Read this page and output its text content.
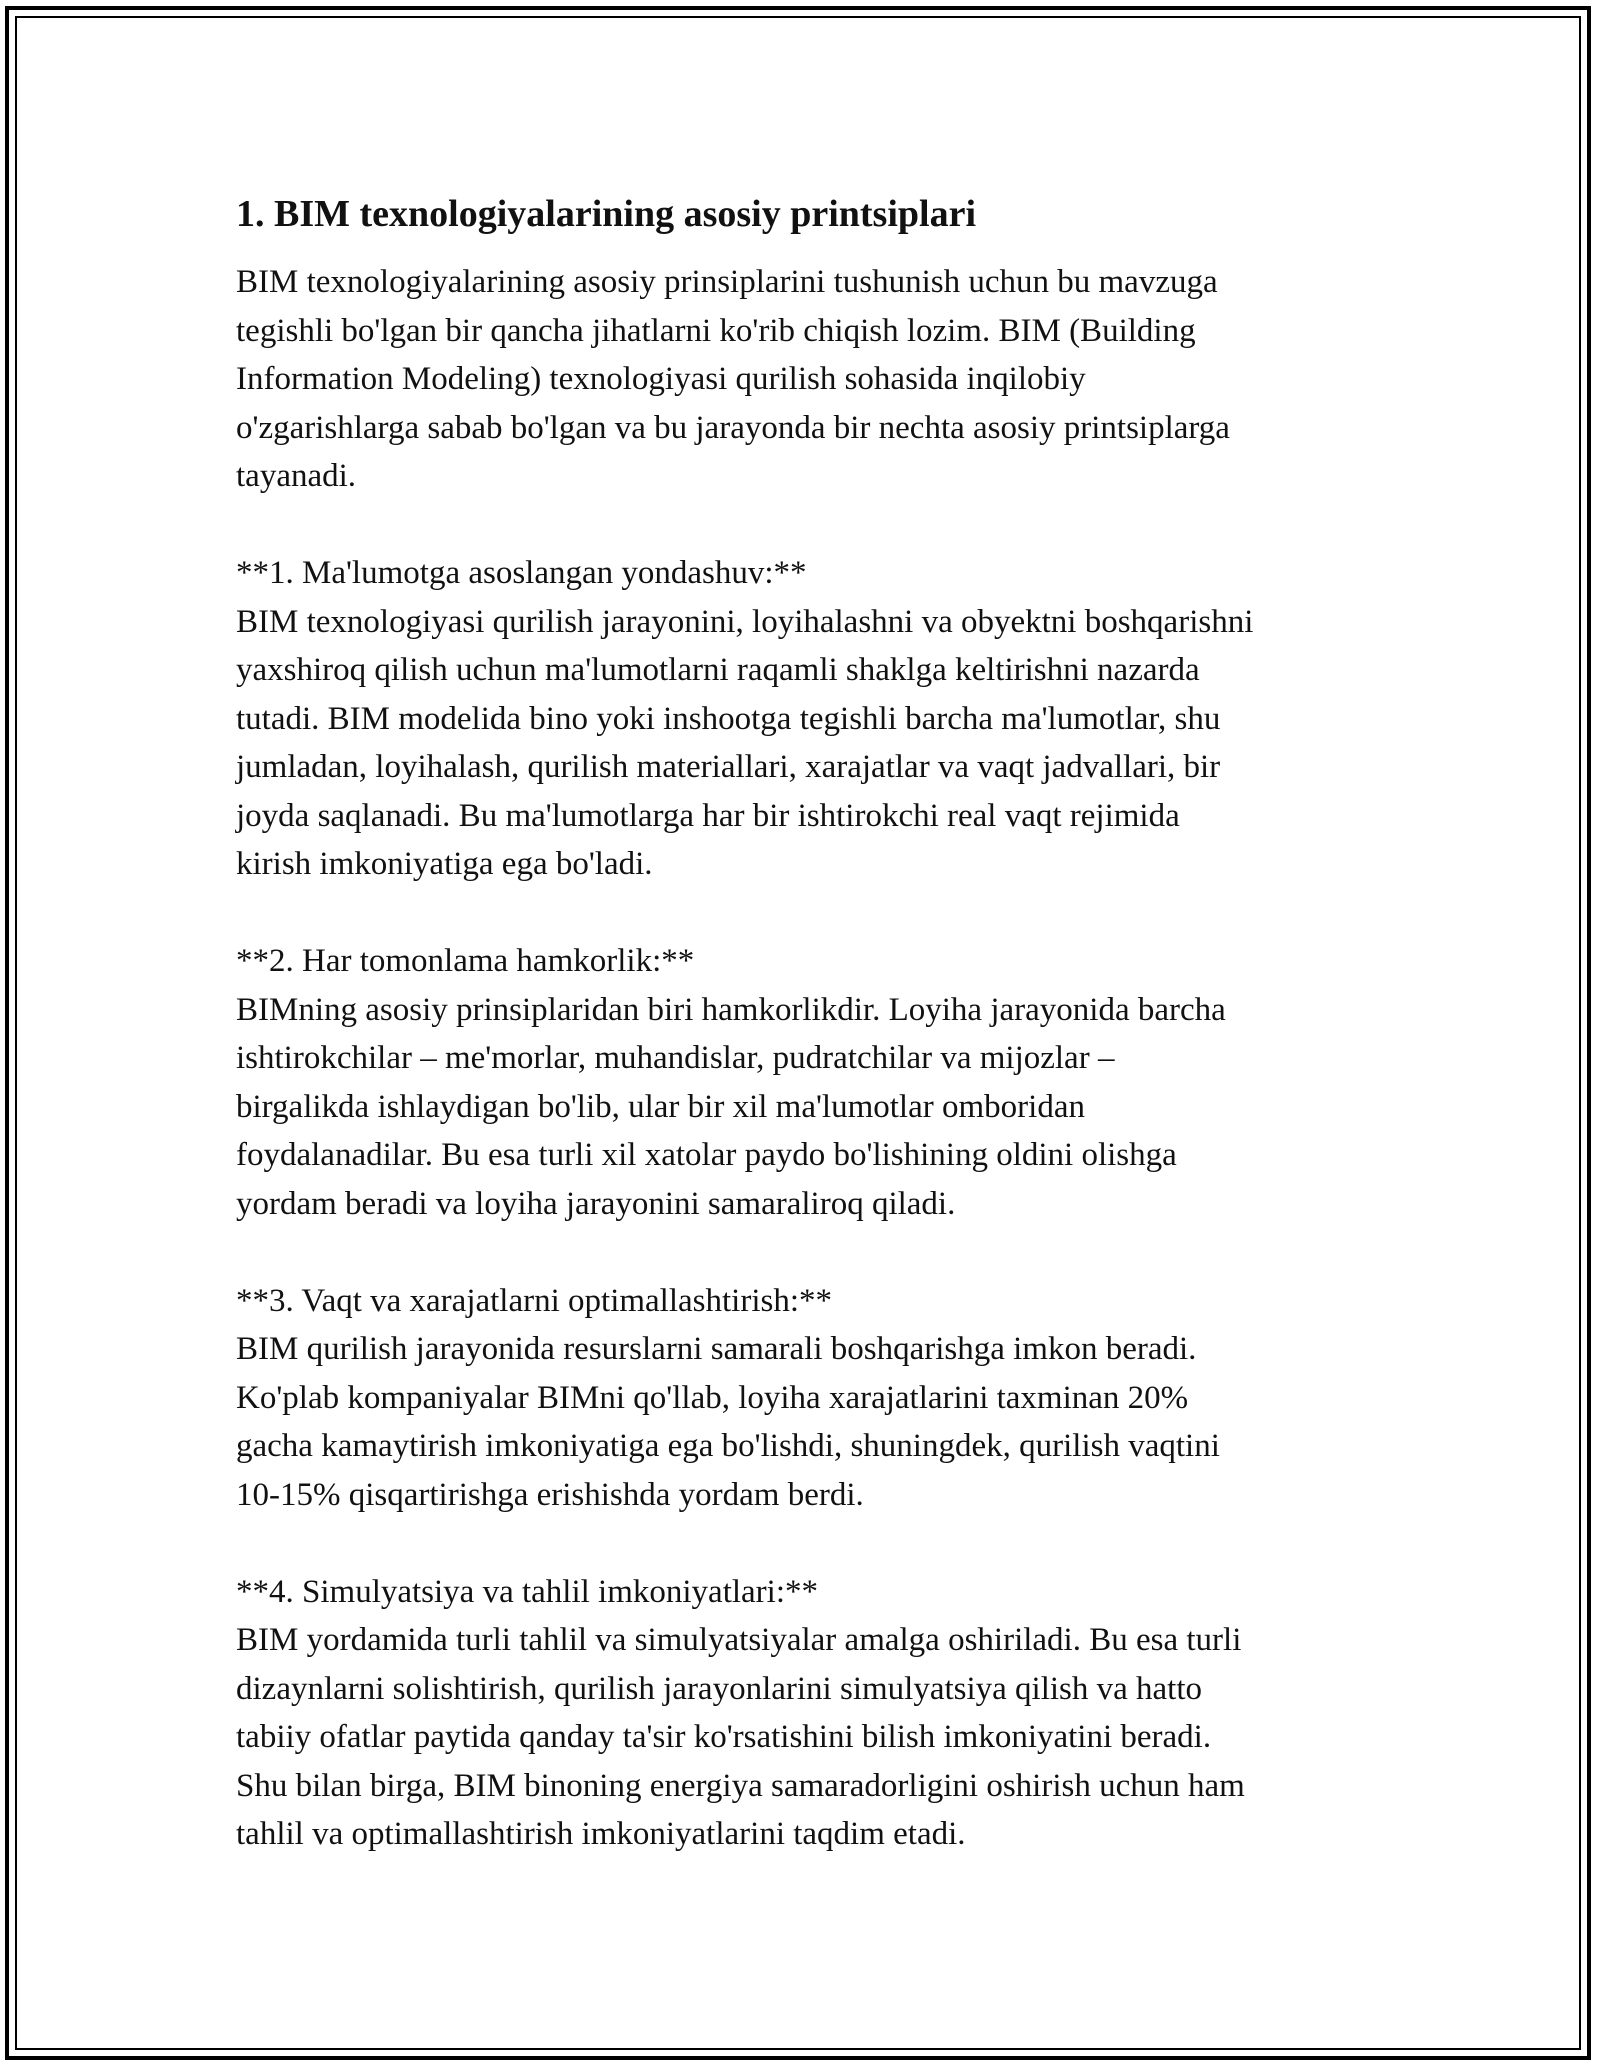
1. BIM texnologiyalarining asosiy printsiplari

BIM texnologiyalarining asosiy prinsiplarini tushunish uchun bu mavzuga
tegishli bo'lgan bir qancha jihatlarni ko'rib chiqish lozim. BIM (Building
Information Modeling) texnologiyasi qurilish sohasida inqilobiy
o'zgarishlarga sabab bo'lgan va bu jarayonda bir nechta asosiy printsiplarga
tayanadi.

**1. Ma'lumotga asoslangan yondashuv:**

BIM texnologiyasi qurilish jarayonini, loyihalashni va obyektni boshqarishni
yaxshiroq qilish uchun ma'lumotlarni raqamli shaklga keltirishni nazarda
tutadi. BIM modelida bino yoki inshootga tegishli barcha ma'lumotlar, shu
jumladan, loyihalash, qurilish materiallari, xarajatlar va vaqt jadvallari, bir
joyda saqlanadi. Bu ma'lumotlarga har bir ishtirokchi real vaqt rejimida
kirish imkoniyatiga ega bo'ladi.

**2. Har tomonlama hamkorlik:**

BIMning asosiy prinsiplaridan biri hamkorlikdir. Loyiha jarayonida barcha
ishtirokchilar – me'morlar, muhandislar, pudratchilar va mijozlar –
birgalikda ishlaydigan bo'lib, ular bir xil ma'lumotlar omboridan
foydalanadilar. Bu esa turli xil xatolar paydo bo'lishining oldini olishga
yordam beradi va loyiha jarayonini samaraliroq qiladi.

**3. Vaqt va xarajatlarni optimallashtirish:**

BIM qurilish jarayonida resurslarni samarali boshqarishga imkon beradi.
Ko'plab kompaniyalar BIMni qo'llab, loyiha xarajatlarini taxminan 20%
gacha kamaytirish imkoniyatiga ega bo'lishdi, shuningdek, qurilish vaqtini
10-15% qisqartirishga erishishda yordam berdi.

**4. Simulyatsiya va tahlil imkoniyatlari:**

BIM yordamida turli tahlil va simulyatsiyalar amalga oshiriladi. Bu esa turli
dizaynlarni solishtirish, qurilish jarayonlarini simulyatsiya qilish va hatto
tabiiy ofatlar paytida qanday ta'sir ko'rsatishini bilish imkoniyatini beradi.
Shu bilan birga, BIM binoning energiya samaradorligini oshirish uchun ham
tahlil va optimallashtirish imkoniyatlarini taqdim etadi.
